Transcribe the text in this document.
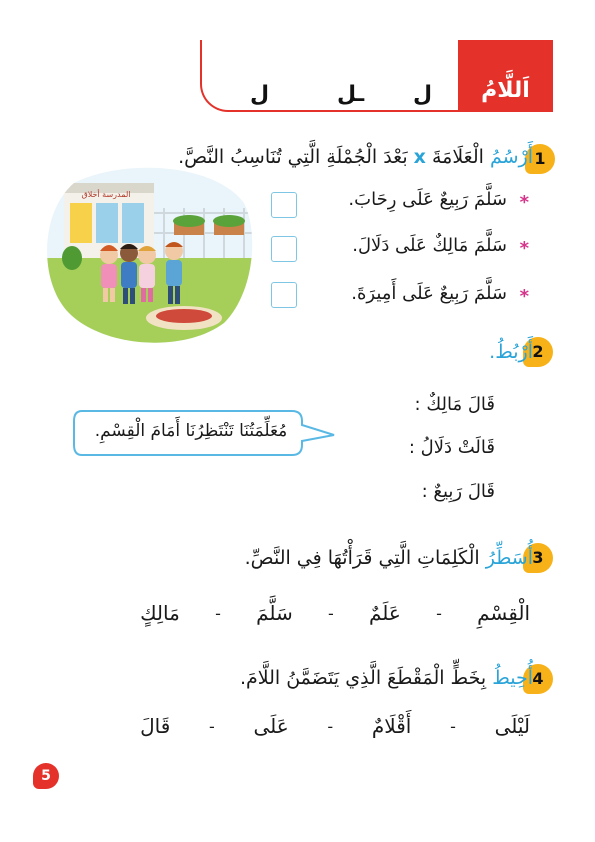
اَللَّامُ
ل
ـل
ل
1
أَرْسُمُ الْعَلَامَةَ x بَعْدَ الْجُمْلَةِ الَّتِي تُنَاسِبُ النَّصَّ.
*
سَلَّمَ رَبِيعٌ عَلَى رِحَابَ.
*
سَلَّمَ مَالِكٌ عَلَى دَلَالَ.
*
سَلَّمَ رَبِيعٌ عَلَى أَمِيرَةَ.
المدرسة أخلاق
2
أَرْبُطُ.
قَالَ مَالِكٌ :
قَالَتْ دَلَالُ :
قَالَ رَبِيعٌ :
مُعَلِّمَتُنَا تَنْتَظِرُنَا أَمَامَ الْقِسْمِ.
3
أُسَطِّرُ الْكَلِمَاتِ الَّتِي قَرَأْتُهَا فِي النَّصِّ.
مَالِكٍ - سَلَّمَ - عَلَمٌ - الْقِسْمِ
4
أُحِيطُ بِخَطٍّ الْمَقْطَعَ الَّذِي يَتَضَمَّنُ اللَّامَ.
قَالَ - عَلَى - أَقْلَامٌ - لَيْلَى
5
